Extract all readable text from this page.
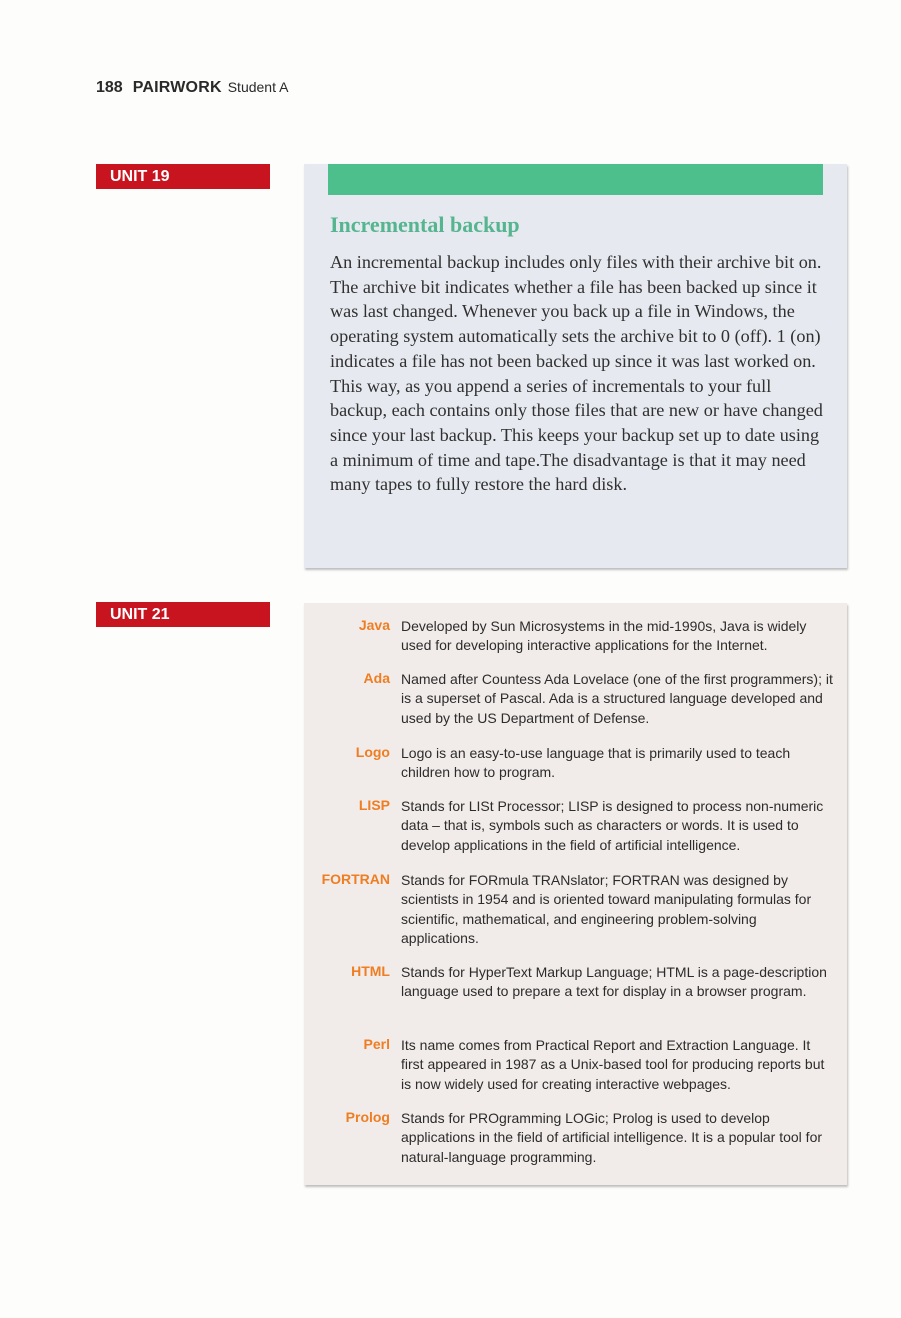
188 PAIRWORK Student A
UNIT 19
Incremental backup

An incremental backup includes only files with their archive bit on. The archive bit indicates whether a file has been backed up since it was last changed. Whenever you back up a file in Windows, the operating system automatically sets the archive bit to 0 (off). 1 (on) indicates a file has not been backed up since it was last worked on. This way, as you append a series of incrementals to your full backup, each contains only those files that are new or have changed since your last backup. This keeps your backup set up to date using a minimum of time and tape.The disadvantage is that it may need many tapes to fully restore the hard disk.

UNIT 21
Java Developed by Sun Microsystems in the mid-1990s, Java is widely used for developing interactive applications for the Internet.
Ada Named after Countess Ada Lovelace (one of the first programmers); it is a superset of Pascal. Ada is a structured language developed and used by the US Department of Defense.
Logo Logo is an easy-to-use language that is primarily used to teach children how to program.
LISP Stands for LISt Processor; LISP is designed to process non-numeric data – that is, symbols such as characters or words. It is used to develop applications in the field of artificial intelligence.
FORTRAN Stands for FORmula TRANslator; FORTRAN was designed by scientists in 1954 and is oriented toward manipulating formulas for scientific, mathematical, and engineering problem-solving applications.
HTML Stands for HyperText Markup Language; HTML is a page-description language used to prepare a text for display in a browser program.
Perl Its name comes from Practical Report and Extraction Language. It first appeared in 1987 as a Unix-based tool for producing reports but is now widely used for creating interactive webpages.
Prolog Stands for PROgramming LOGic; Prolog is used to develop applications in the field of artificial intelligence. It is a popular tool for natural-language programming.
